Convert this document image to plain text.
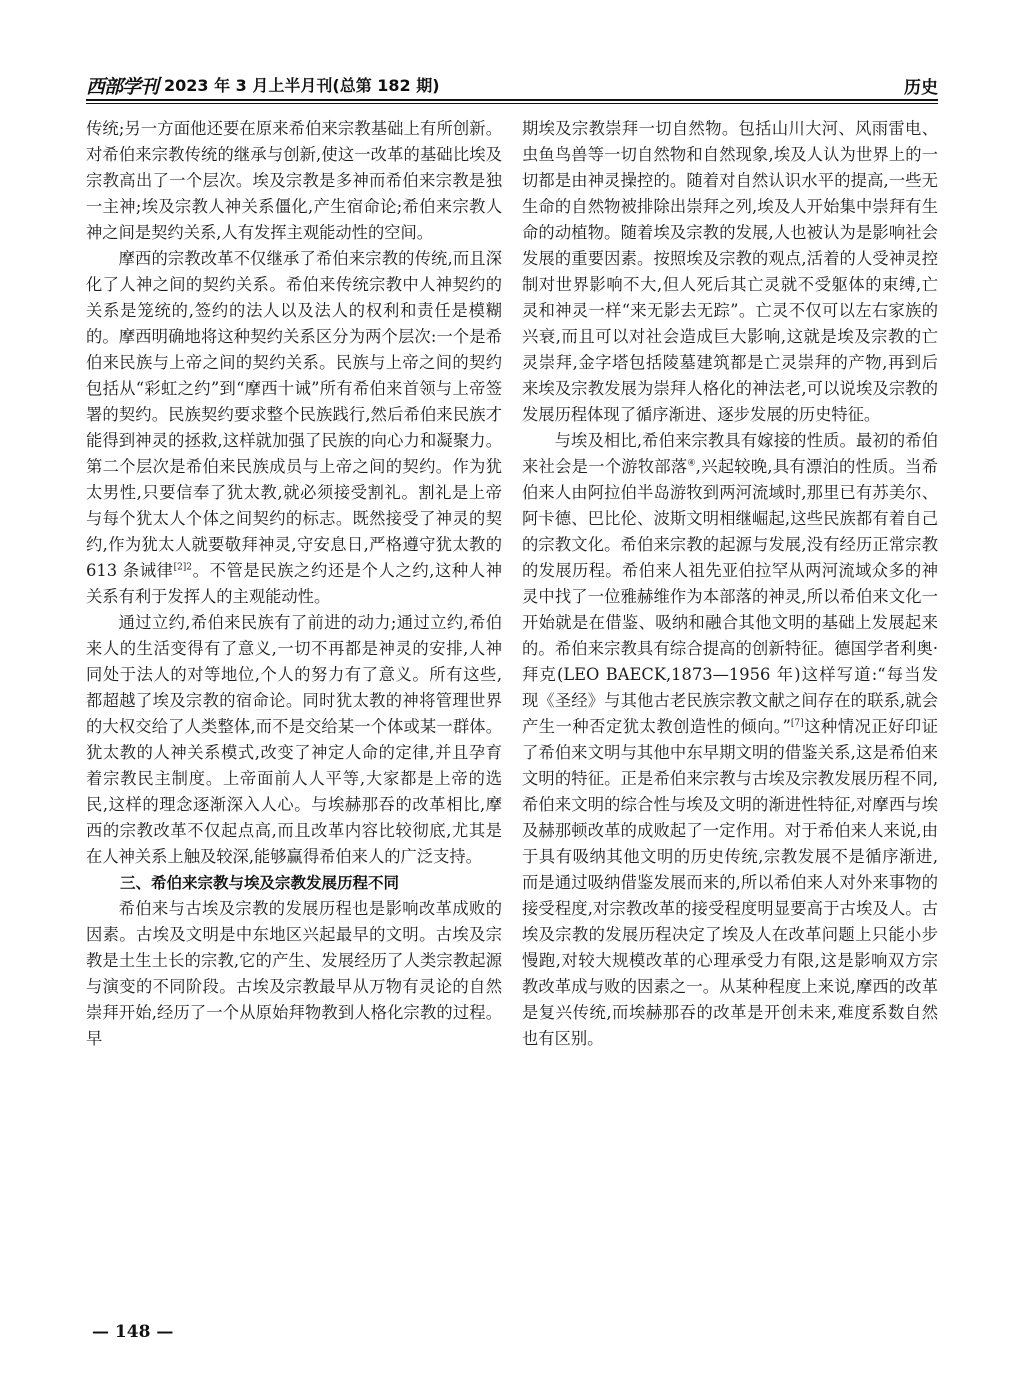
西部学刊 2023 年 3 月上半月刊(总第 182 期)	历史

传统;另一方面他还要在原来希伯来宗教基础上有所创新。对希伯来宗教传统的继承与创新,使这一改革的基础比埃及宗教高出了一个层次。埃及宗教是多神而希伯来宗教是独一主神;埃及宗教人神关系僵化,产生宿命论;希伯来宗教人神之间是契约关系,人有发挥主观能动性的空间。

摩西的宗教改革不仅继承了希伯来宗教的传统,而且深化了人神之间的契约关系。希伯来传统宗教中人神契约的关系是笼统的,签约的法人以及法人的权利和责任是模糊的。摩西明确地将这种契约关系区分为两个层次:一个是希伯来民族与上帝之间的契约关系。民族与上帝之间的契约包括从“彩虹之约”到“摩西十诫”所有希伯来首领与上帝签署的契约。民族契约要求整个民族践行,然后希伯来民族才能得到神灵的拯救,这样就加强了民族的向心力和凝聚力。第二个层次是希伯来民族成员与上帝之间的契约。作为犹太男性,只要信奉了犹太教,就必须接受割礼。割礼是上帝与每个犹太人个体之间契约的标志。既然接受了神灵的契约,作为犹太人就要敬拜神灵,守安息日,严格遵守犹太教的 613 条诫律$^{[2]2}$。不管是民族之约还是个人之约,这种人神关系有利于发挥人的主观能动性。

通过立约,希伯来民族有了前进的动力;通过立约,希伯来人的生活变得有了意义,一切不再都是神灵的安排,人神同处于法人的对等地位,个人的努力有了意义。所有这些,都超越了埃及宗教的宿命论。同时犹太教的神将管理世界的大权交给了人类整体,而不是交给某一个体或某一群体。犹太教的人神关系模式,改变了神定人命的定律,并且孕育着宗教民主制度。上帝面前人人平等,大家都是上帝的选民,这样的理念逐渐深入人心。与埃赫那吞的改革相比,摩西的宗教改革不仅起点高,而且改革内容比较彻底,尤其是在人神关系上触及较深,能够赢得希伯来人的广泛支持。

三、希伯来宗教与埃及宗教发展历程不同

希伯来与古埃及宗教的发展历程也是影响改革成败的因素。古埃及文明是中东地区兴起最早的文明。古埃及宗教是土生土长的宗教,它的产生、发展经历了人类宗教起源与演变的不同阶段。古埃及宗教最早从万物有灵论的自然崇拜开始,经历了一个从原始拜物教到人格化宗教的过程。早

期埃及宗教崇拜一切自然物。包括山川大河、风雨雷电、虫鱼鸟兽等一切自然物和自然现象,埃及人认为世界上的一切都是由神灵操控的。随着对自然认识水平的提高,一些无生命的自然物被排除出崇拜之列,埃及人开始集中崇拜有生命的动植物。随着埃及宗教的发展,人也被认为是影响社会发展的重要因素。按照埃及宗教的观点,活着的人受神灵控制对世界影响不大,但人死后其亡灵就不受躯体的束缚,亡灵和神灵一样“来无影去无踪”。亡灵不仅可以左右家族的兴衰,而且可以对社会造成巨大影响,这就是埃及宗教的亡灵崇拜,金字塔包括陵墓建筑都是亡灵崇拜的产物,再到后来埃及宗教发展为崇拜人格化的神法老,可以说埃及宗教的发展历程体现了循序渐进、逐步发展的历史特征。

与埃及相比,希伯来宗教具有嫁接的性质。最初的希伯来社会是一个游牧部落④,兴起较晚,具有漂泊的性质。当希伯来人由阿拉伯半岛游牧到两河流域时,那里已有苏美尔、阿卡德、巴比伦、波斯文明相继崛起,这些民族都有着自己的宗教文化。希伯来宗教的起源与发展,没有经历正常宗教的发展历程。希伯来人祖先亚伯拉罕从两河流域众多的神灵中找了一位雅赫维作为本部落的神灵,所以希伯来文化一开始就是在借鉴、吸纳和融合其他文明的基础上发展起来的。希伯来宗教具有综合提高的创新特征。德国学者利奥·拜克(LEO BAECK,1873—1956 年)这样写道:“每当发现《圣经》与其他古老民族宗教文献之间存在的联系,就会产生一种否定犹太教创造性的倾向。”[7]这种情况正好印证了希伯来文明与其他中东早期文明的借鉴关系,这是希伯来文明的特征。正是希伯来宗教与古埃及宗教发展历程不同,希伯来文明的综合性与埃及文明的渐进性特征,对摩西与埃及赫那顿改革的成败起了一定作用。对于希伯来人来说,由于具有吸纳其他文明的历史传统,宗教发展不是循序渐进,而是通过吸纳借鉴发展而来的,所以希伯来人对外来事物的接受程度,对宗教改革的接受程度明显要高于古埃及人。古埃及宗教的发展历程决定了埃及人在改革问题上只能小步慢跑,对较大规模改革的心理承受力有限,这是影响双方宗教改革成与败的因素之一。从某种程度上来说,摩西的改革是复兴传统,而埃赫那吞的改革是开创未来,难度系数自然也有区别。

— 148 —
